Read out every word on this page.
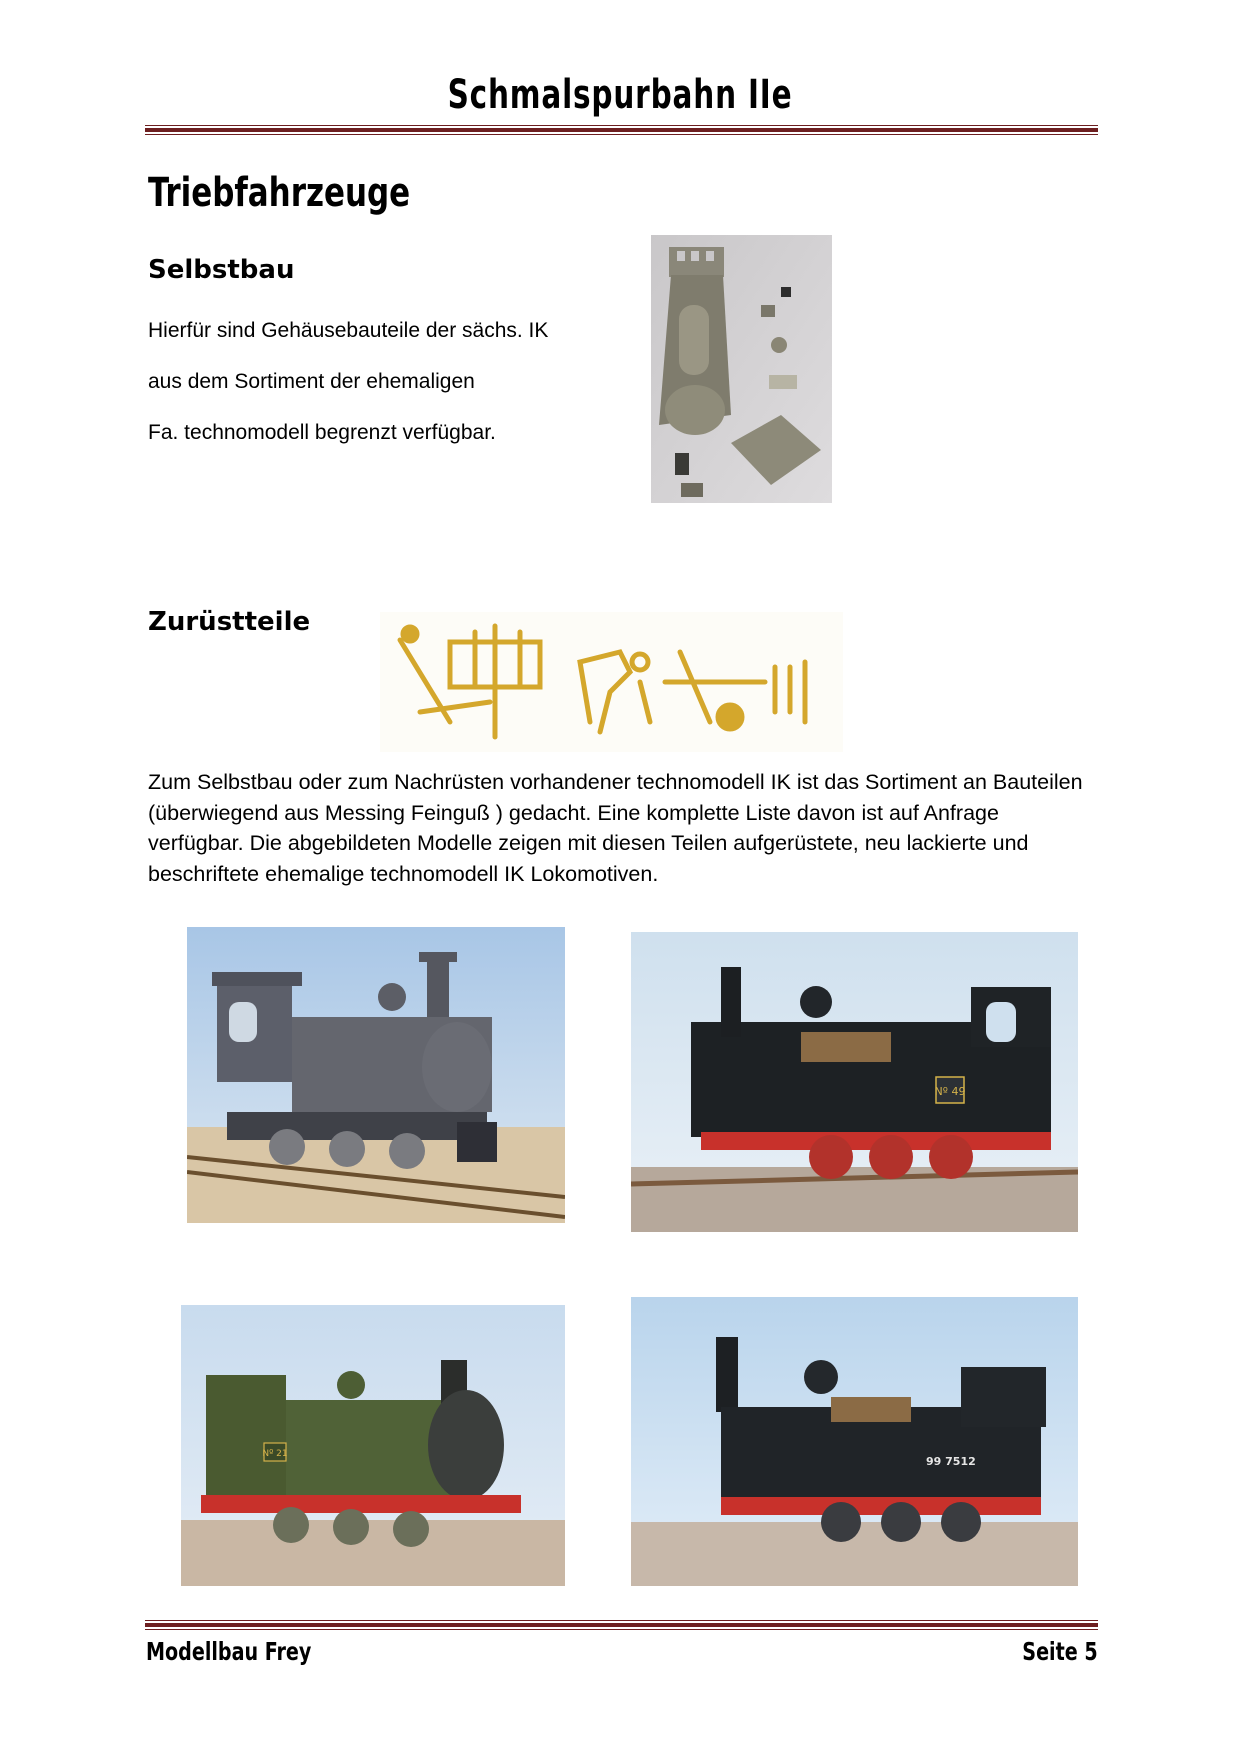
Schmalspurbahn IIe
Triebfahrzeuge
Selbstbau
Hierfür sind Gehäusebauteile der sächs. IK
aus dem Sortiment der ehemaligen
Fa. technomodell begrenzt verfügbar.
Zurüstteile
Zum Selbstbau oder zum Nachrüsten vorhandener technomodell IK ist das Sortiment an Bauteilen (überwiegend aus Messing Feinguß ) gedacht. Eine komplette Liste davon ist auf Anfrage verfügbar. Die abgebildeten Modelle zeigen mit diesen Teilen aufgerüstete, neu lackierte und beschriftete ehemalige technomodell IK Lokomotiven.
Nº 49
Nº 21
99 7512
Modellbau Frey	Seite 5
